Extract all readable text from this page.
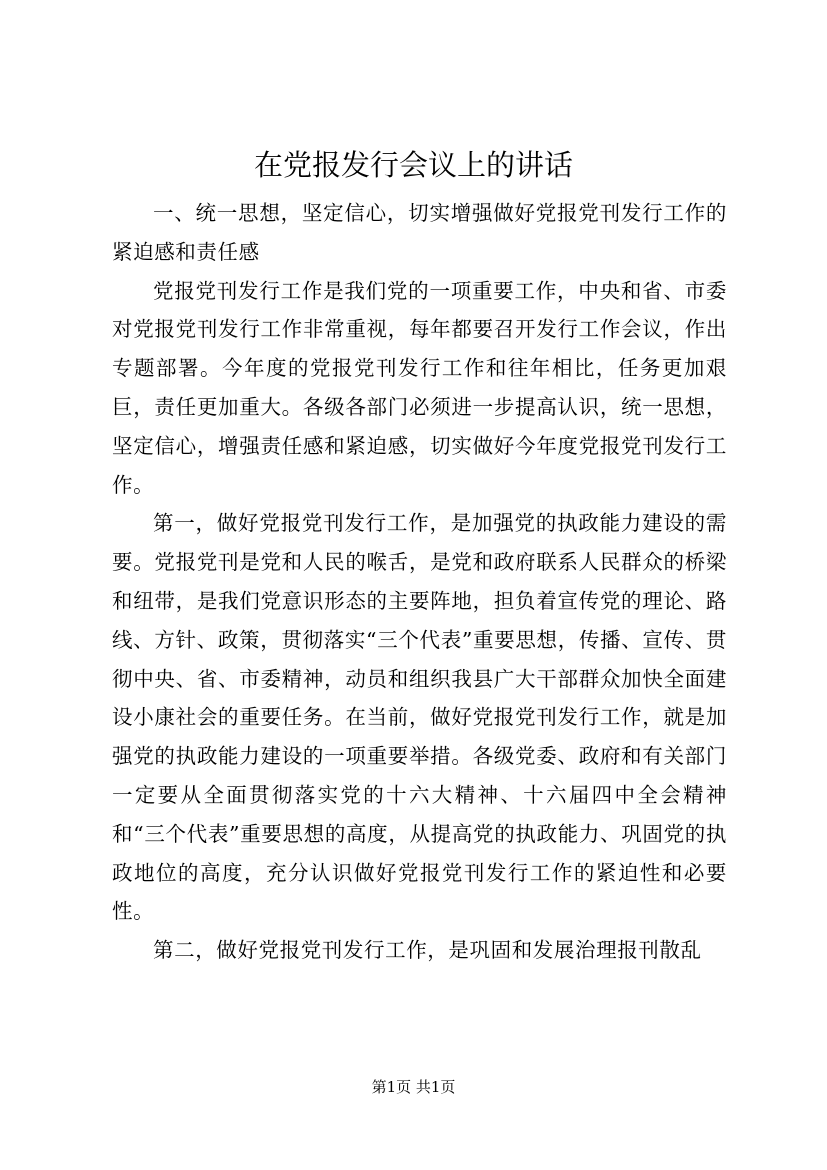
在党报发行会议上的讲话

一、统一思想，坚定信心，切实增强做好党报党刊发行工作的紧迫感和责任感

党报党刊发行工作是我们党的一项重要工作，中央和省、市委对党报党刊发行工作非常重视，每年都要召开发行工作会议，作出专题部署。今年度的党报党刊发行工作和往年相比，任务更加艰巨，责任更加重大。各级各部门必须进一步提高认识，统一思想，坚定信心，增强责任感和紧迫感，切实做好今年度党报党刊发行工作。

第一，做好党报党刊发行工作，是加强党的执政能力建设的需要。党报党刊是党和人民的喉舌，是党和政府联系人民群众的桥梁和纽带，是我们党意识形态的主要阵地，担负着宣传党的理论、路线、方针、政策，贯彻落实“三个代表”重要思想，传播、宣传、贯彻中央、省、市委精神，动员和组织我县广大干部群众加快全面建设小康社会的重要任务。在当前，做好党报党刊发行工作，就是加强党的执政能力建设的一项重要举措。各级党委、政府和有关部门一定要从全面贯彻落实党的十六大精神、十六届四中全会精神和“三个代表”重要思想的高度，从提高党的执政能力、巩固党的执政地位的高度，充分认识做好党报党刊发行工作的紧迫性和必要性。

第二，做好党报党刊发行工作，是巩固和发展治理报刊散乱

第1页 共1页
